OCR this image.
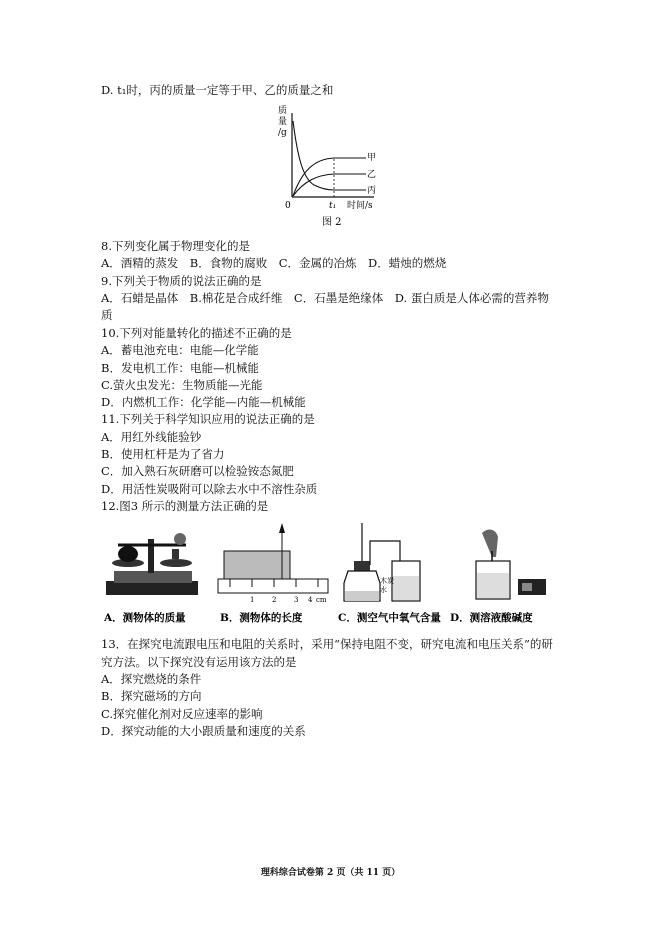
D. t₁时，丙的质量一定等于甲、乙的质量之和
质
量
/g
0	t₁ 时间/s
甲
乙
丙
图 2
8.下列变化属于物理变化的是
A．酒精的蒸发　B．食物的腐败　C．金属的冶炼　D．蜡烛的燃烧
9.下列关于物质的说法正确的是
A．石蜡是晶体　B.棉花是合成纤维　C．石墨是绝缘体　D. 蛋白质是人体必需的营养物
质
10.下列对能量转化的描述不正确的是
A．蓄电池充电：电能—化学能
B．发电机工作：电能—机械能
C.萤火虫发光：生物质能—光能
D．内燃机工作：化学能—内能—机械能
11.下列关于科学知识应用的说法正确的是
A．用红外线能验钞
B．使用杠杆是为了省力
C．加入熟石灰研磨可以检验铵态氮肥
D．用活性炭吸附可以除去水中不溶性杂质
12.图3 所示的测量方法正确的是
A．测物体的质量
1	2	3 4 cm
B．测物体的长度
木炭
水
C．测空气中氧气含量 D．测溶液酸碱度
13．在探究电流跟电压和电阻的关系时，采用“保持电阻不变，研究电流和电压关系”的研
究方法。以下探究没有运用该方法的是
A．探究燃烧的条件
B．探究磁场的方向
C.探究催化剂对反应速率的影响
D．探究动能的大小跟质量和速度的关系
理科综合试卷第 2 页（共 11 页）
